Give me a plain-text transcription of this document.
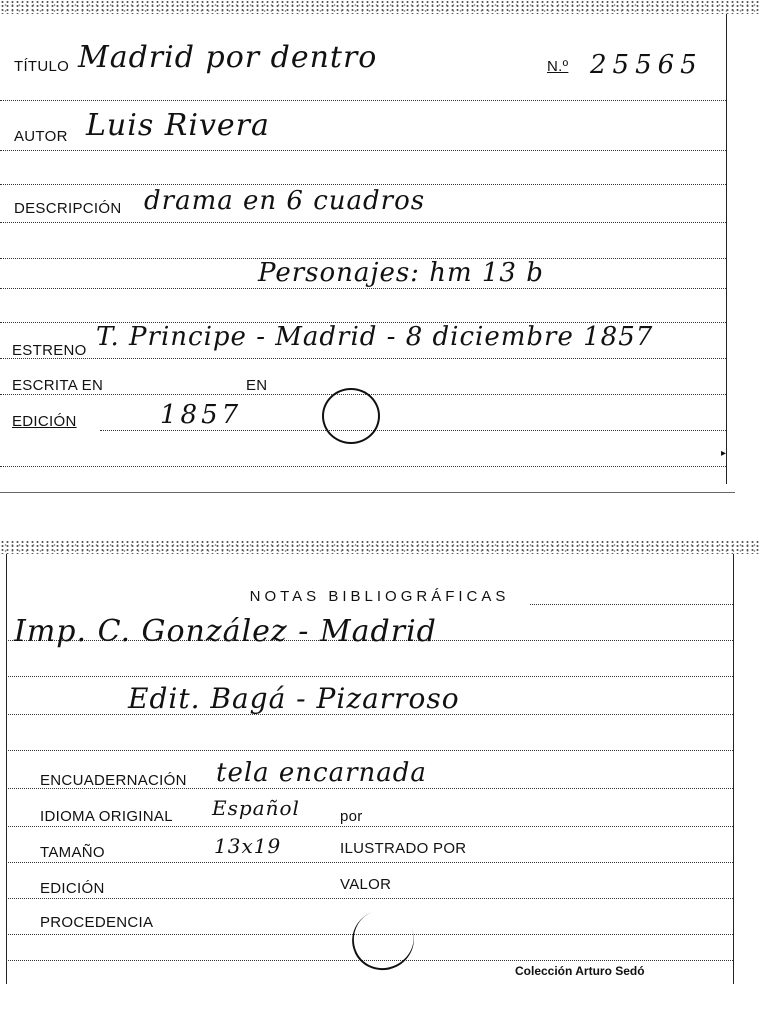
TÍTULO Madrid por dentro	N.º 25565
AUTOR Luis Rivera
DESCRIPCIÓN drama en 6 cuadros
Personajes: hm 13 b
ESTRENO T. Principe - Madrid - 8 diciembre 1857
ESCRITA EN	EN
EDICIÓN	1857
▸
NOTAS BIBLIOGRÁFICAS
Imp. C. González - Madrid
Edit. Bagá - Pizarroso
ENCUADERNACIÓN tela encarnada
IDIOMA ORIGINAL Español	por
TAMAÑO	13x19	ILUSTRADO POR
EDICIÓN	VALOR
PROCEDENCIA
Colección Arturo Sedó
